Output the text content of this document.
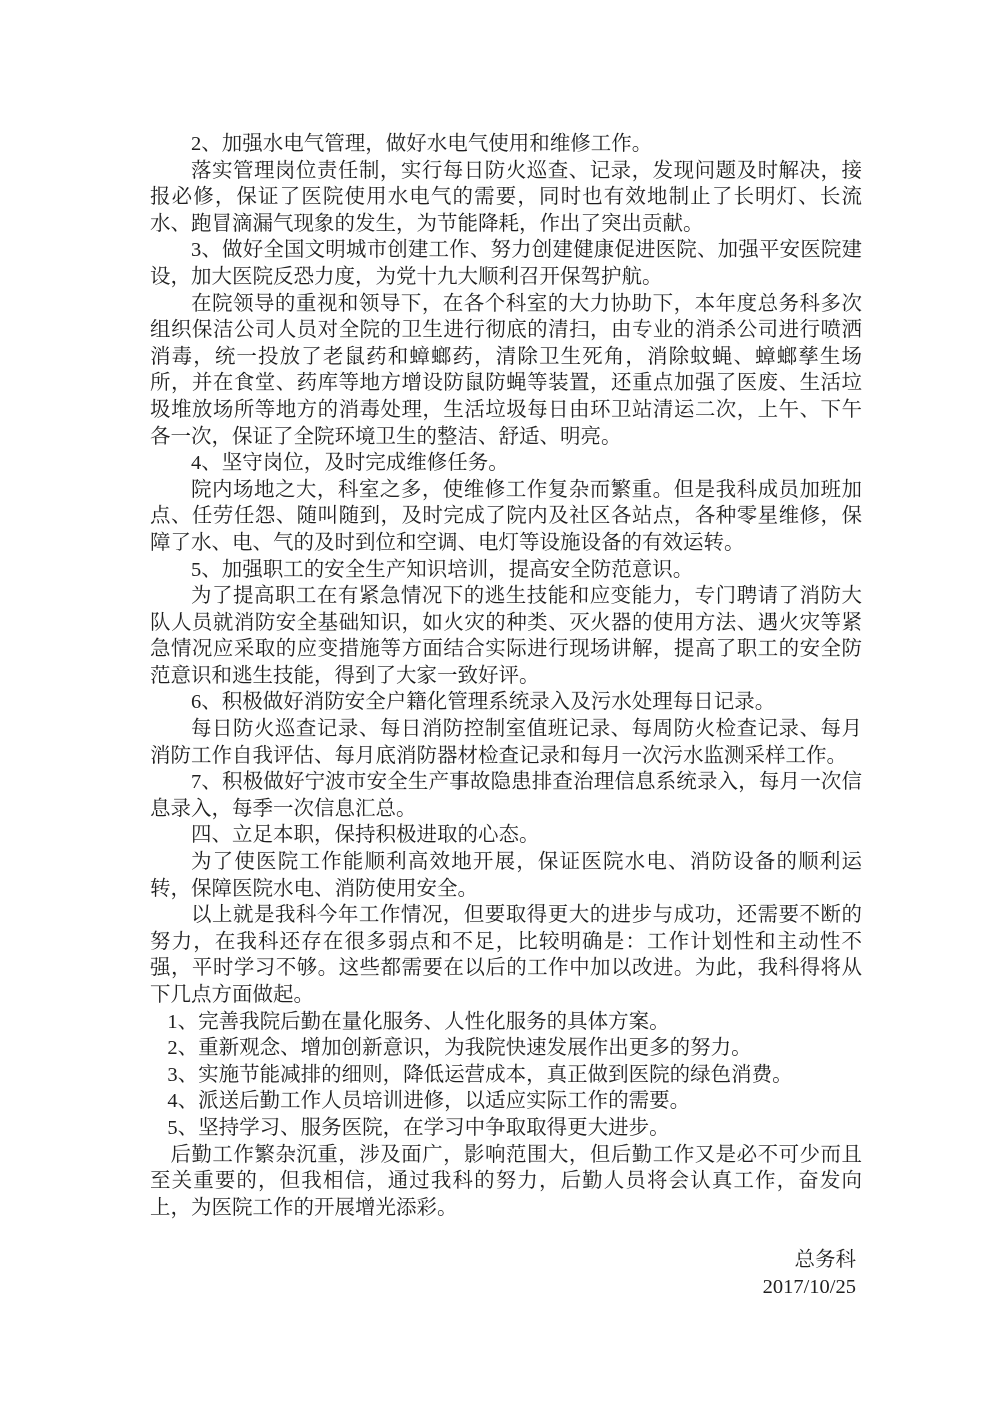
2、加强水电气管理，做好水电气使用和维修工作。

落实管理岗位责任制，实行每日防火巡查、记录，发现问题及时解决，接报必修，保证了医院使用水电气的需要，同时也有效地制止了长明灯、长流水、跑冒滴漏气现象的发生，为节能降耗，作出了突出贡献。

3、做好全国文明城市创建工作、努力创建健康促进医院、加强平安医院建设，加大医院反恐力度，为党十九大顺利召开保驾护航。

在院领导的重视和领导下，在各个科室的大力协助下，本年度总务科多次组织保洁公司人员对全院的卫生进行彻底的清扫，由专业的消杀公司进行喷洒消毒，统一投放了老鼠药和蟑螂药，清除卫生死角，消除蚊蝇、蟑螂孳生场所，并在食堂、药库等地方增设防鼠防蝇等装置，还重点加强了医废、生活垃圾堆放场所等地方的消毒处理，生活垃圾每日由环卫站清运二次，上午、下午各一次，保证了全院环境卫生的整洁、舒适、明亮。

4、坚守岗位，及时完成维修任务。

院内场地之大，科室之多，使维修工作复杂而繁重。但是我科成员加班加点、任劳任怨、随叫随到，及时完成了院内及社区各站点，各种零星维修，保障了水、电、气的及时到位和空调、电灯等设施设备的有效运转。

5、加强职工的安全生产知识培训，提高安全防范意识。

为了提高职工在有紧急情况下的逃生技能和应变能力，专门聘请了消防大队人员就消防安全基础知识，如火灾的种类、灭火器的使用方法、遇火灾等紧急情况应采取的应变措施等方面结合实际进行现场讲解，提高了职工的安全防范意识和逃生技能，得到了大家一致好评。

6、积极做好消防安全户籍化管理系统录入及污水处理每日记录。

每日防火巡查记录、每日消防控制室值班记录、每周防火检查记录、每月消防工作自我评估、每月底消防器材检查记录和每月一次污水监测采样工作。

7、积极做好宁波市安全生产事故隐患排查治理信息系统录入，每月一次信息录入，每季一次信息汇总。

四、立足本职，保持积极进取的心态。

为了使医院工作能顺利高效地开展，保证医院水电、消防设备的顺利运转，保障医院水电、消防使用安全。

以上就是我科今年工作情况，但要取得更大的进步与成功，还需要不断的努力，在我科还存在很多弱点和不足，比较明确是：工作计划性和主动性不强，平时学习不够。这些都需要在以后的工作中加以改进。为此，我科得将从下几点方面做起。

1、完善我院后勤在量化服务、人性化服务的具体方案。

2、重新观念、增加创新意识，为我院快速发展作出更多的努力。

3、实施节能减排的细则，降低运营成本，真正做到医院的绿色消费。

4、派送后勤工作人员培训进修，以适应实际工作的需要。

5、坚持学习、服务医院，在学习中争取取得更大进步。

后勤工作繁杂沉重，涉及面广，影响范围大，但后勤工作又是必不可少而且至关重要的，但我相信，通过我科的努力，后勤人员将会认真工作，奋发向上，为医院工作的开展增光添彩。

总务科

2017/10/25
